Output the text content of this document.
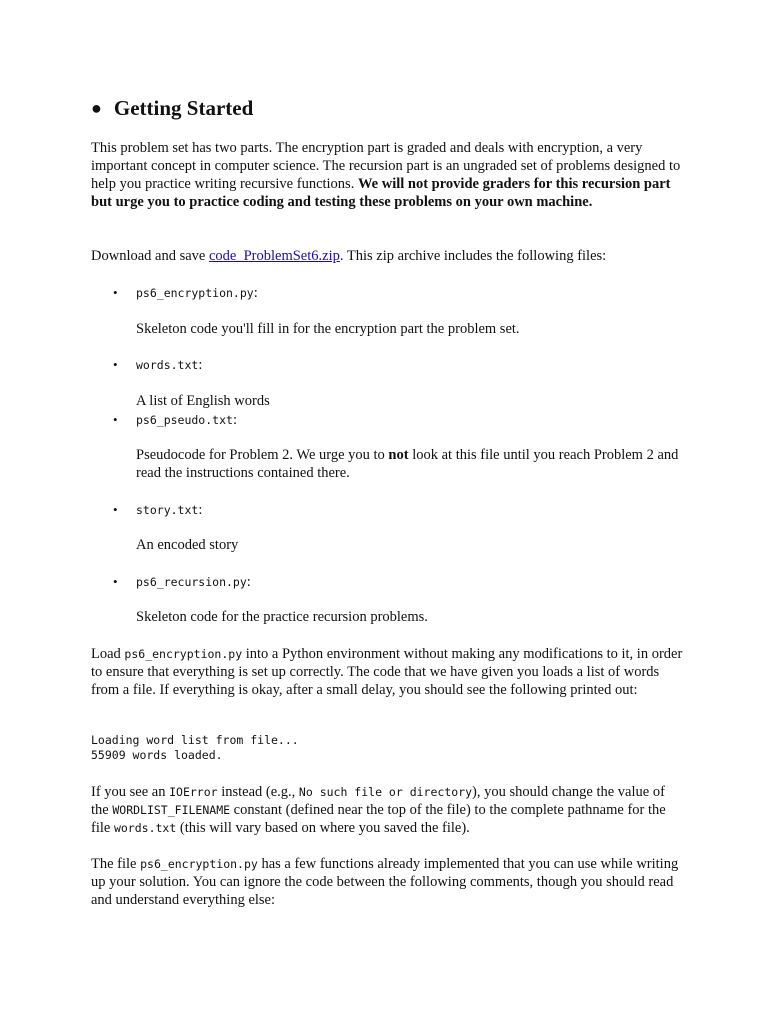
● Getting Started

This problem set has two parts. The encryption part is graded and deals with encryption, a very important concept in computer science. The recursion part is an ungraded set of problems designed to help you practice writing recursive functions. We will not provide graders for this recursion part but urge you to practice coding and testing these problems on your own machine.

Download and save code_ProblemSet6.zip. This zip archive includes the following files:

• ps6_encryption.py:
Skeleton code you'll fill in for the encryption part the problem set.
• words.txt:
A list of English words
• ps6_pseudo.txt:
Pseudocode for Problem 2. We urge you to not look at this file until you reach Problem 2 and read the instructions contained there.
• story.txt:
An encoded story
• ps6_recursion.py:
Skeleton code for the practice recursion problems.

Load ps6_encryption.py into a Python environment without making any modifications to it, in order to ensure that everything is set up correctly. The code that we have given you loads a list of words from a file. If everything is okay, after a small delay, you should see the following printed out:

Loading word list from file...
55909 words loaded.

If you see an IOError instead (e.g., No such file or directory), you should change the value of the WORDLIST_FILENAME constant (defined near the top of the file) to the complete pathname for the file words.txt (this will vary based on where you saved the file).

The file ps6_encryption.py has a few functions already implemented that you can use while writing up your solution. You can ignore the code between the following comments, though you should read and understand everything else:
